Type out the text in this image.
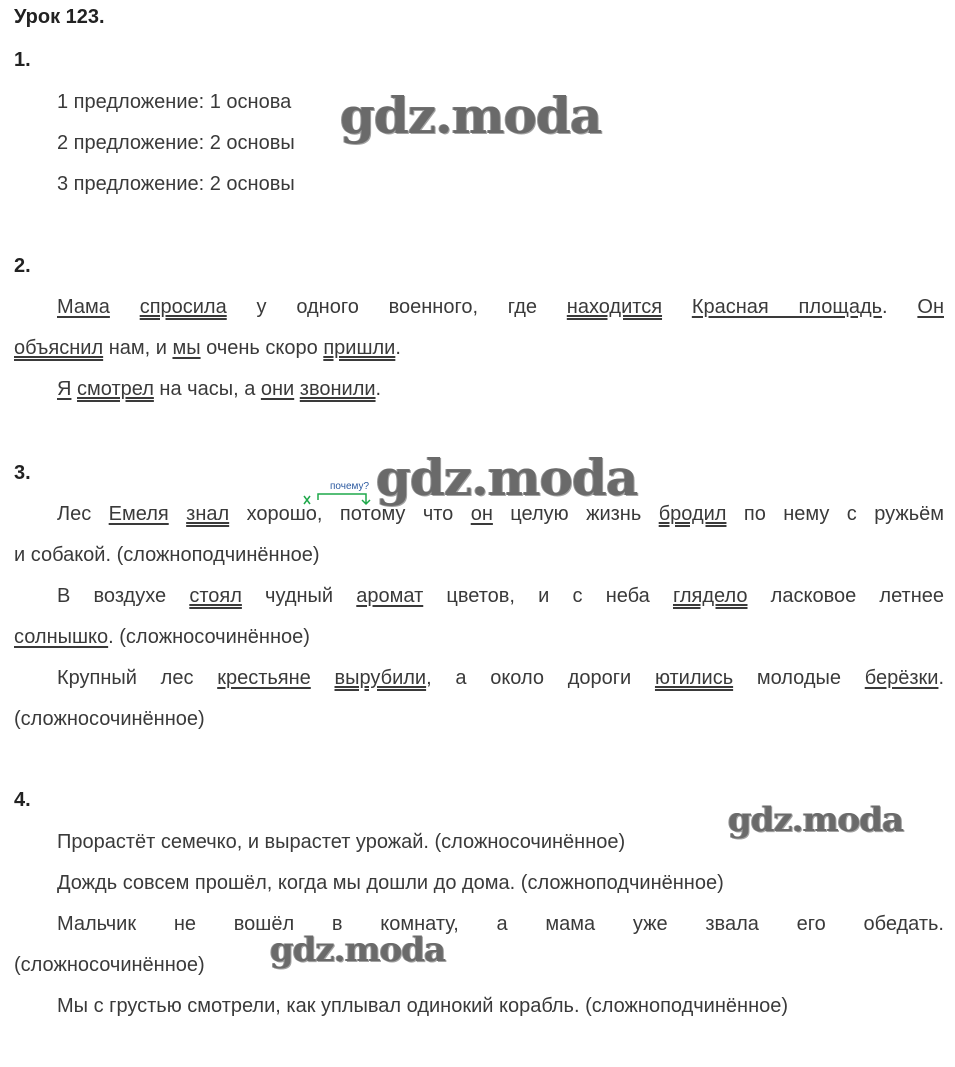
Урок 123.
1.
1 предложение: 1 основа
2 предложение: 2 основы
3 предложение: 2 основы
2.
Мама спросила у одного военного, где находится Красная площадь. Он
объяснил нам, и мы очень скоро пришли.
Я смотрел на часы, а они звонили.
3.
почему?
Лес Емеля знал хорошо, потому что он целую жизнь бродил по нему с ружьём
и собакой. (сложноподчинённое)
В воздухе стоял чудный аромат цветов, и с неба глядело ласковое летнее
солнышко. (сложносочинённое)
Крупный лес крестьяне вырубили, а около дороги ютились молодые берёзки.
(сложносочинённое)
4.
Прорастёт семечко, и вырастет урожай. (сложносочинённое)
Дождь совсем прошёл, когда мы дошли до дома. (сложноподчинённое)
Мальчик не вошёл в комнату, а мама уже звала его обедать.
(сложносочинённое)
Мы с грустью смотрели, как уплывал одинокий корабль. (сложноподчинённое)
gdz.moda
gdz.moda
gdz.moda
gdz.moda
